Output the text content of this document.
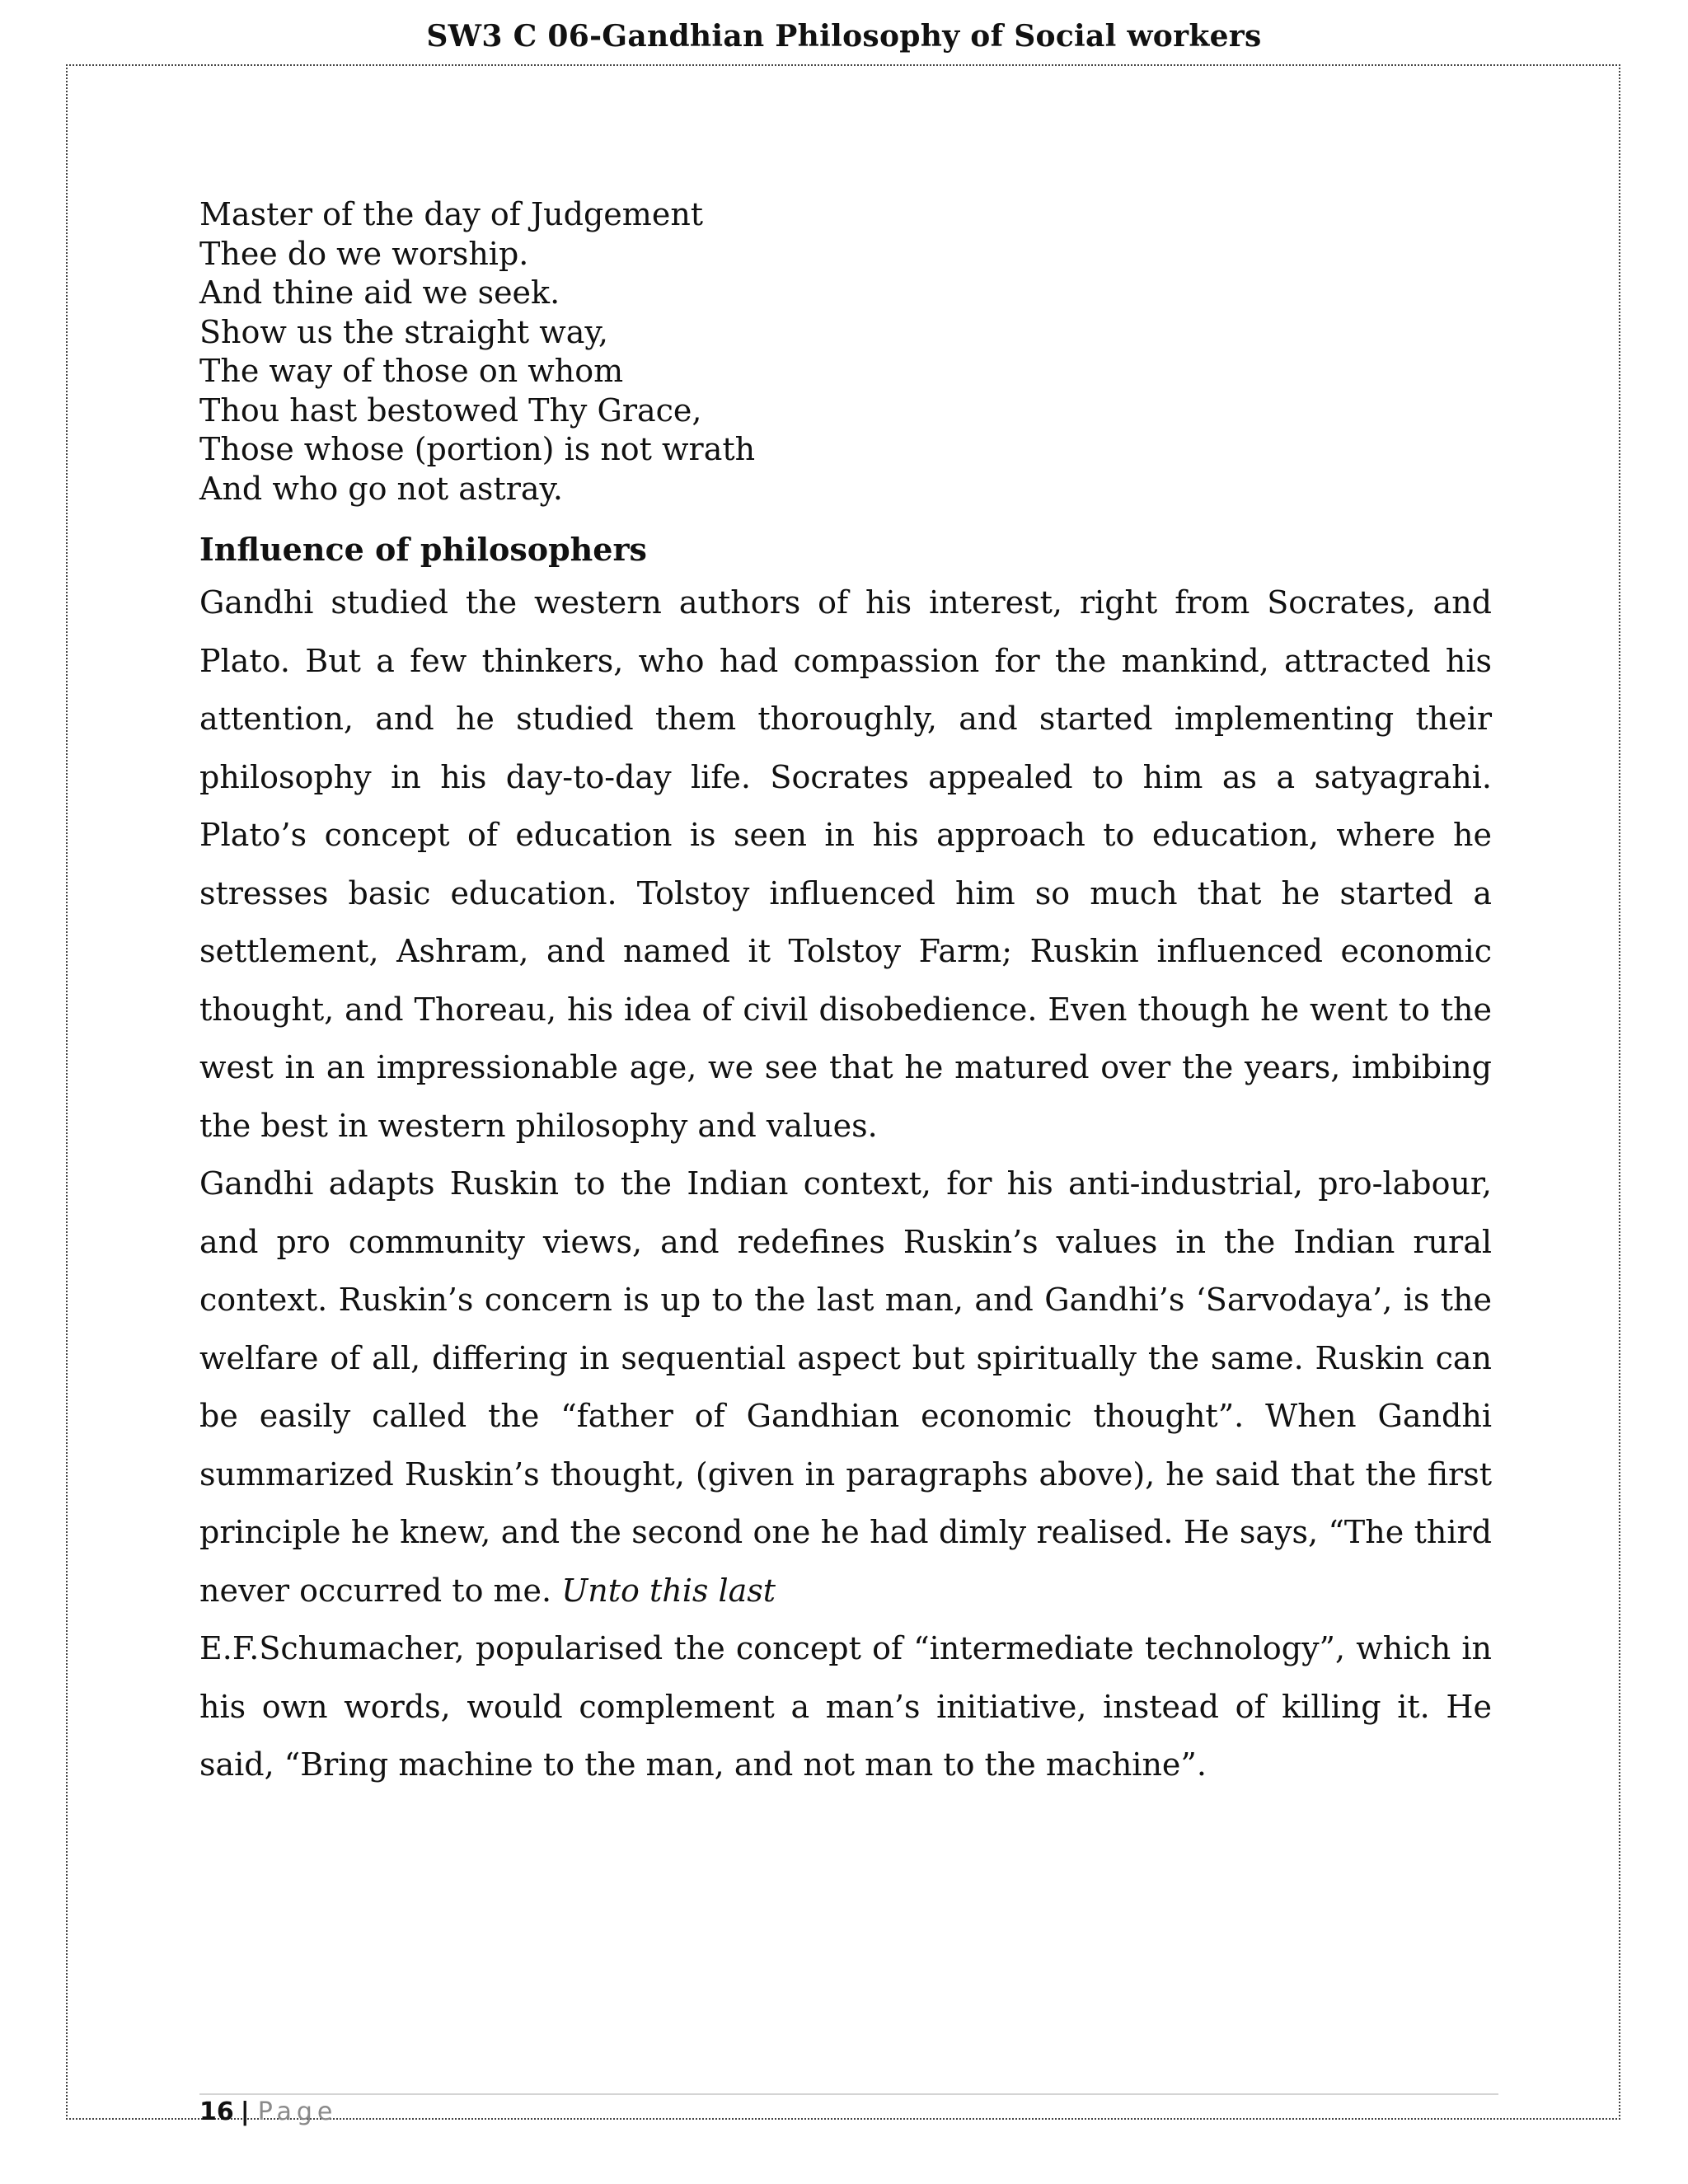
SW3 C 06-Gandhian Philosophy of Social workers
Master of the day of Judgement
Thee do we worship.
And thine aid we seek.
Show us the straight way,
The way of those on whom
Thou hast bestowed Thy Grace,
Those whose (portion) is not wrath
And who go not astray.
Influence of philosophers

Gandhi studied the western authors of his interest, right from Socrates, and Plato. But a few thinkers, who had compassion for the mankind, attracted his attention, and he studied them thoroughly, and started implementing their philosophy in his day-to-day life. Socrates appealed to him as a satyagrahi. Plato’s concept of education is seen in his approach to education, where he stresses basic education. Tolstoy influenced him so much that he started a settlement, Ashram, and named it Tolstoy Farm; Ruskin influenced economic thought, and Thoreau, his idea of civil disobedience. Even though he went to the west in an impressionable age, we see that he matured over the years, imbibing the best in western philosophy and values.

Gandhi adapts Ruskin to the Indian context, for his anti-industrial, pro-labour, and pro community views, and redefines Ruskin’s values in the Indian rural context. Ruskin’s concern is up to the last man, and Gandhi’s ‘Sarvodaya’, is the welfare of all, differing in sequential aspect but spiritually the same. Ruskin can be easily called the “father of Gandhian economic thought”. When Gandhi summarized Ruskin’s thought, (given in paragraphs above), he said that the first principle he knew, and the second one he had dimly realised. He says, “The third never occurred to me. Unto this last

E.F.Schumacher, popularised the concept of “intermediate technology”, which in his own words, would complement a man’s initiative, instead of killing it. He said, “Bring machine to the man, and not man to the machine”.

16 | Page
